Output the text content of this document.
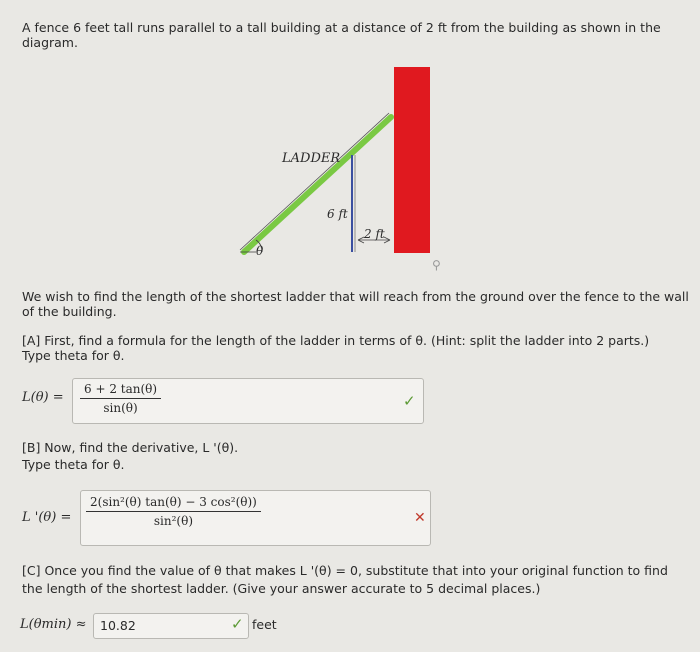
A fence 6 feet tall runs parallel to a tall building at a distance of 2 ft from the building as shown in the
diagram.
LADDER
6 ft
2 ft
θ
⚲
We wish to find the length of the shortest ladder that will reach from the ground over the fence to the wall
of the building.
[A] First, find a formula for the length of the ladder in terms of θ. (Hint: split the ladder into 2 parts.)
Type theta for θ.
$L(\theta) = \frac{6 + 2 \tan(\theta)}{\sin(\theta)}$	✓
[B] Now, find the derivative, L '(θ).
Type theta for θ.
L '$(\theta) = \frac{\text{2(sin²(θ) tan(θ) − 3 cos²(θ))}}{\text{sin²(θ)}}$	✕
[C] Once you find the value of θ that makes L '(θ) = 0, substitute that into your original function to find
the length of the shortest ladder. (Give your answer accurate to 5 decimal places.)
L(θmin) ≈ 10.82	✓ feet
